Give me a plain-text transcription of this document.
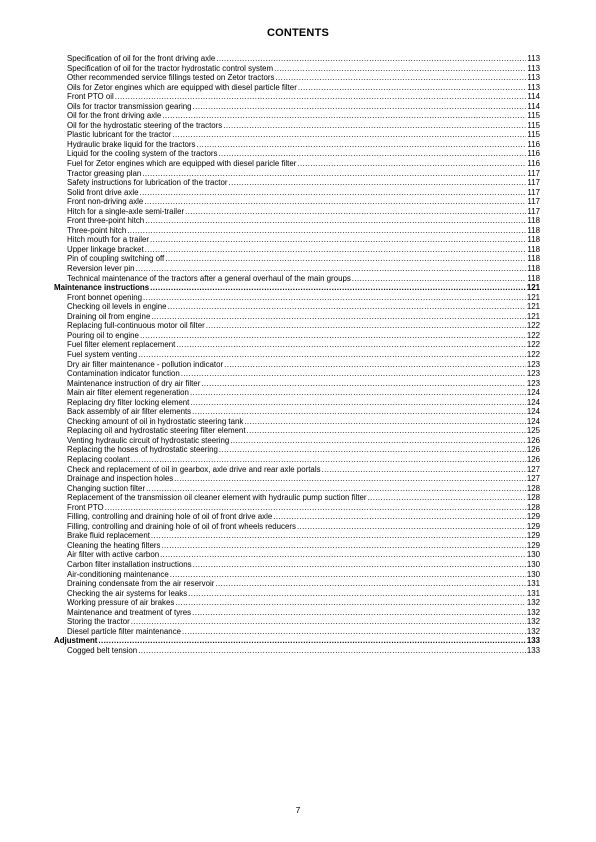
CONTENTS
Specification of oil for the front driving axle .....	113
Specification of oil for the tractor hydrostatic control system .....	113
Other recommended service fillings tested on Zetor tractors .....	113
Oils for Zetor engines which are equipped with diesel particle filter .....	113
Front PTO oil .....	114
Oils for tractor transmission gearing .....	114
Oil for the front driving axle .....	115
Oil for the hydrostatic steering of the tractors .....	115
Plastic lubricant for the tractor .....	115
Hydraulic brake liquid for the tractors .....	116
Liquid for the cooling system of the tractors .....	116
Fuel for Zetor engines which are equipped with diesel paricle filter .....	116
Tractor greasing plan .....	117
Safety instructions for lubrication of the tractor .....	117
Solid front drive axle .....	117
Front non-driving axle .....	117
Hitch for a single-axle semi-trailer .....	117
Front three-point hitch .....	118
Three-point hitch .....	118
Hitch mouth for a trailer .....	118
Upper linkage bracket .....	118
Pin of coupling switching off .....	118
Reversion lever pin .....	118
Technical maintenance of the tractors after a general overhaul of the main groups .....	118
Maintenance instructions .....	121
Front bonnet opening .....	121
Checking oil levels in engine .....	121
Draining oil from engine .....	121
Replacing full-continuous motor oil filter .....	122
Pouring oil to engine .....	122
Fuel filter element replacement .....	122
Fuel system venting .....	122
Dry air filter maintenance - pollution indicator .....	123
Contamination indicator function .....	123
Maintenance instruction of dry air filter .....	123
Main air filter element regeneration .....	124
Replacing dry filter locking element .....	124
Back assembly of air filter elements .....	124
Checking amount of oil in hydrostatic steering tank .....	124
Replacing oil and hydrostatic steering filter element .....	125
Venting hydraulic circuit of hydrostatic steering .....	126
Replacing the hoses of hydrostatic steering .....	126
Replacing coolant .....	126
Check and replacement of oil in gearbox, axle drive and rear axle portals .....	127
Drainage and inspection holes .....	127
Changing suction filter .....	128
Replacement of the transmission oil cleaner element with hydraulic pump suction filter .....	128
Front PTO .....	128
Filling, controlling and draining hole of oil of front drive axle .....	129
Filling, controlling and draining hole of oil of front wheels reducers .....	129
Brake fluid replacement .....	129
Cleaning the heating filters .....	129
Air filter with active carbon .....	130
Carbon filter installation instructions .....	130
Air-conditioning maintenance .....	130
Draining condensate from the air reservoir .....	131
Checking the air systems for leaks .....	131
Working pressure of air brakes .....	132
Maintenance and treatment of tyres .....	132
Storing the tractor .....	132
Diesel particle filter maintenance .....	132
Adjustment .....	133
Cogged belt tension .....	133
7
